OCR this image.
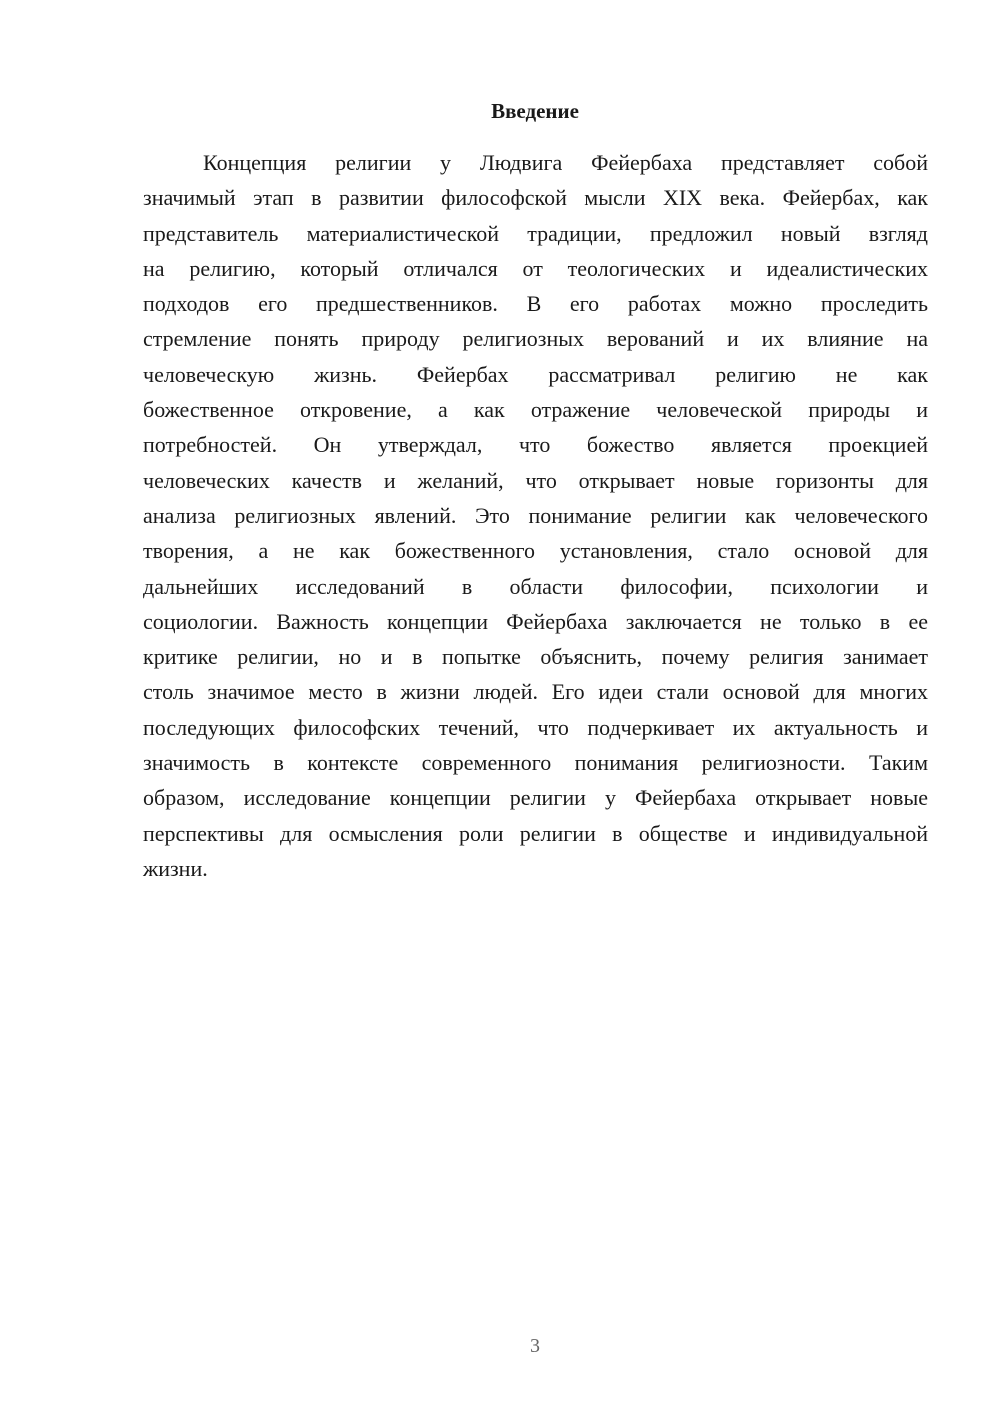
Введение
Концепция религии у Людвига Фейербаха представляет собой
значимый этап в развитии философской мысли XIX века. Фейербах, как
представитель материалистической традиции, предложил новый взгляд
на религию, который отличался от теологических и идеалистических
подходов его предшественников. В его работах можно проследить
стремление понять природу религиозных верований и их влияние на
человеческую жизнь. Фейербах рассматривал религию не как
божественное откровение, а как отражение человеческой природы и
потребностей. Он утверждал, что божество является проекцией
человеческих качеств и желаний, что открывает новые горизонты для
анализа религиозных явлений. Это понимание религии как человеческого
творения, а не как божественного установления, стало основой для
дальнейших исследований в области философии, психологии и
социологии. Важность концепции Фейербаха заключается не только в ее
критике религии, но и в попытке объяснить, почему религия занимает
столь значимое место в жизни людей. Его идеи стали основой для многих
последующих философских течений, что подчеркивает их актуальность и
значимость в контексте современного понимания религиозности. Таким
образом, исследование концепции религии у Фейербаха открывает новые
перспективы для осмысления роли религии в обществе и индивидуальной
жизни.
3
